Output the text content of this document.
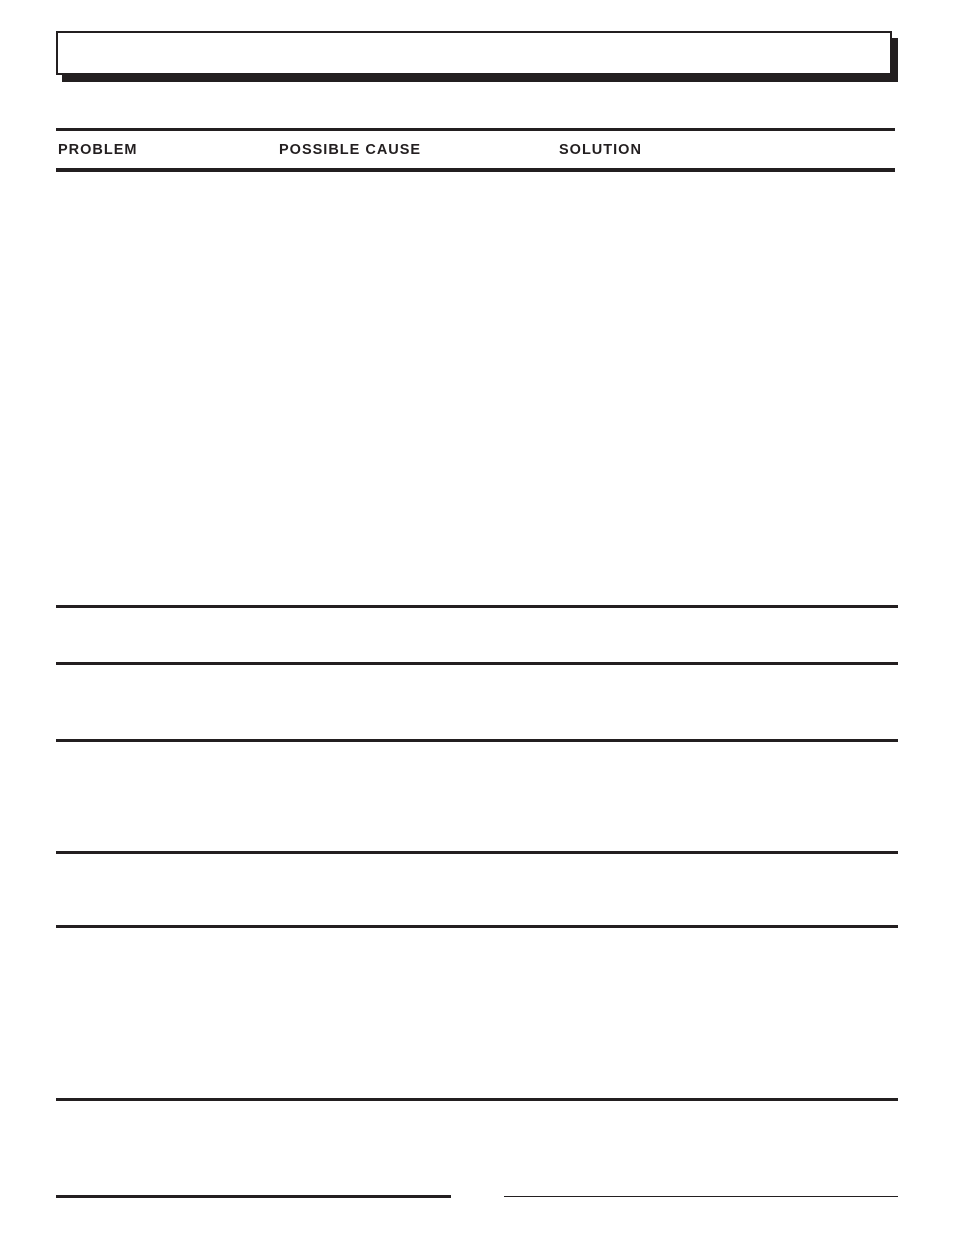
PROBLEM	POSSIBLE CAUSE	SOLUTION
